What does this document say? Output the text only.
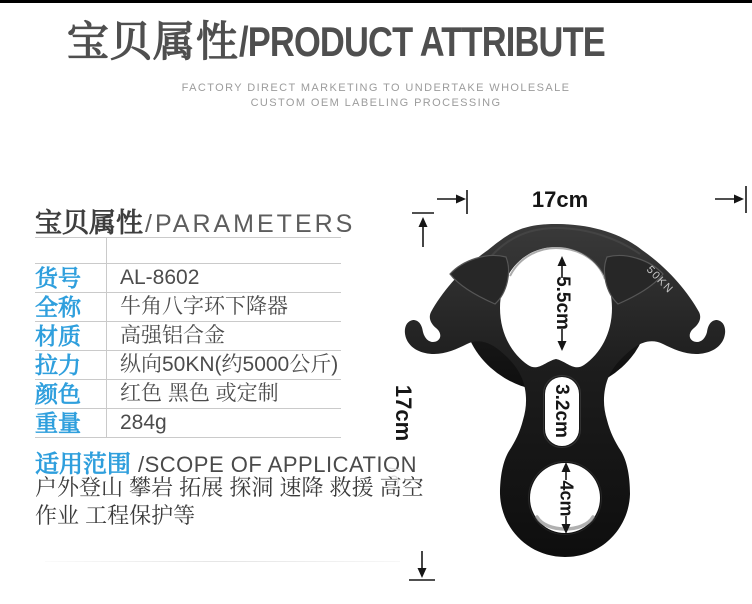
宝贝属性/PRODUCT ATTRIBUTE
FACTORY DIRECT MARKETING TO UNDERTAKE WHOLESALE
CUSTOM OEM LABELING PROCESSING
宝贝属性/PARAMETERS
货号	AL-8602
全称	牛角八字环下降器
材质	高强铝合金
拉力	纵向50KN(约5000公斤)
颜色	红色 黑色 或定制
重量	284g
适用范围 /SCOPE OF APPLICATION
户外登山 攀岩 拓展 探洞 速降 救援 高空
作业 工程保护等
17cm
17cm
5.5cm
3.2cm
4cm
50KN
